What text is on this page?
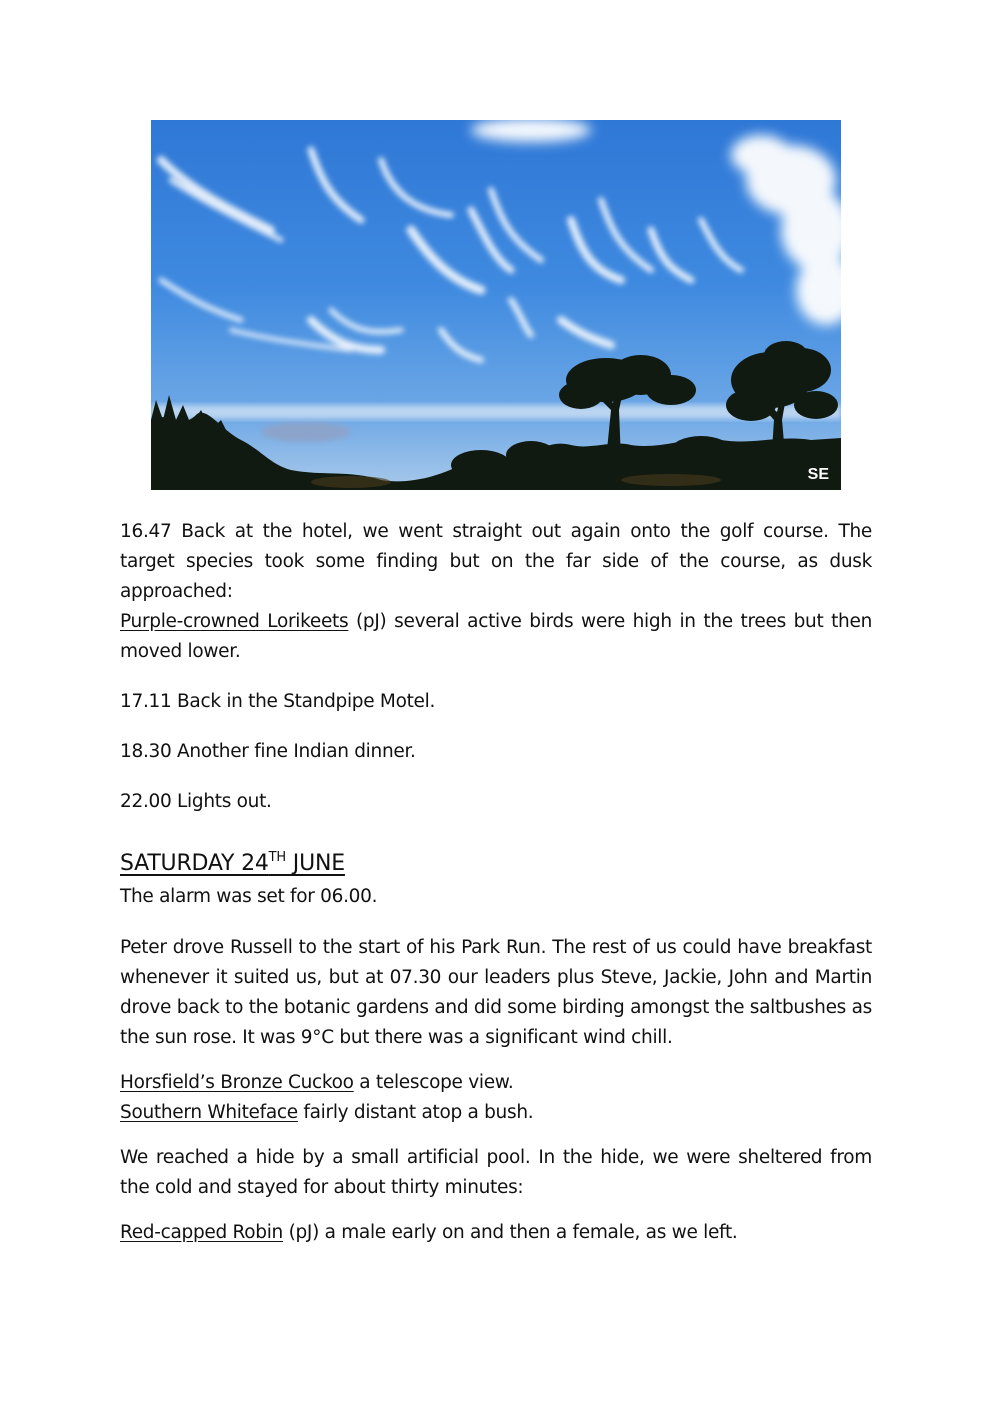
SE

16.47 Back at the hotel, we went straight out again onto the golf course. The target species took some finding but on the far side of the course, as dusk approached:

Purple-crowned Lorikeets (pJ) several active birds were high in the trees but then moved lower.

17.11 Back in the Standpipe Motel.

18.30 Another fine Indian dinner.

22.00 Lights out.

SATURDAY 24TH JUNE

The alarm was set for 06.00.

Peter drove Russell to the start of his Park Run. The rest of us could have breakfast whenever it suited us, but at 07.30 our leaders plus Steve, Jackie, John and Martin drove back to the botanic gardens and did some birding amongst the saltbushes as the sun rose. It was 9°C but there was a significant wind chill.

Horsfield’s Bronze Cuckoo a telescope view.

Southern Whiteface fairly distant atop a bush.

We reached a hide by a small artificial pool. In the hide, we were sheltered from the cold and stayed for about thirty minutes:

Red-capped Robin (pJ) a male early on and then a female, as we left.
